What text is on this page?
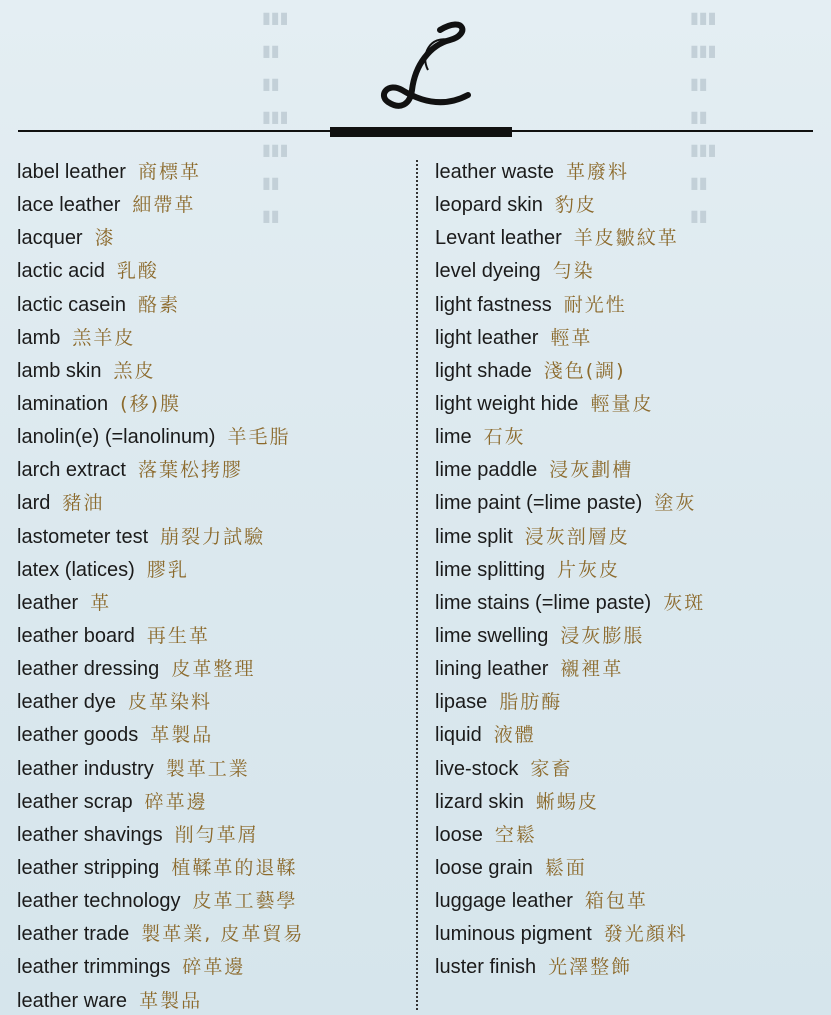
▮▮▮
▮▮▮
▮▮
▮▮
▮▮▮
▮▮
▮▮
▮▮▮
▮▮
▮▮
▮▮▮
▮▮▮
▮▮
▮▮
label leather 商標革
lace leather 細帶革
lacquer 漆
lactic acid 乳酸
lactic casein 酪素
lamb 羔羊皮
lamb skin 羔皮
lamination (移)膜
lanolin(e) (=lanolinum) 羊毛脂
larch extract 落葉松拷膠
lard 豬油
lastometer test 崩裂力試驗
latex (latices) 膠乳
leather 革
leather board 再生革
leather dressing 皮革整理
leather dye 皮革染料
leather goods 革製品
leather industry 製革工業
leather scrap 碎革邊
leather shavings 削勻革屑
leather stripping 植鞣革的退鞣
leather technology 皮革工藝學
leather trade 製革業, 皮革貿易
leather trimmings 碎革邊
leather ware 革製品
leather waste 革廢料
leopard skin 豹皮
Levant leather 羊皮皺紋革
level dyeing 勻染
light fastness 耐光性
light leather 輕革
light shade 淺色(調)
light weight hide 輕量皮
lime 石灰
lime paddle 浸灰劃槽
lime paint (=lime paste) 塗灰
lime split 浸灰剖層皮
lime splitting 片灰皮
lime stains (=lime paste) 灰斑
lime swelling 浸灰膨脹
lining leather 襯裡革
lipase 脂肪酶
liquid 液體
live-stock 家畜
lizard skin 蜥蜴皮
loose 空鬆
loose grain 鬆面
luggage leather 箱包革
luminous pigment 發光顏料
luster finish 光澤整飾
